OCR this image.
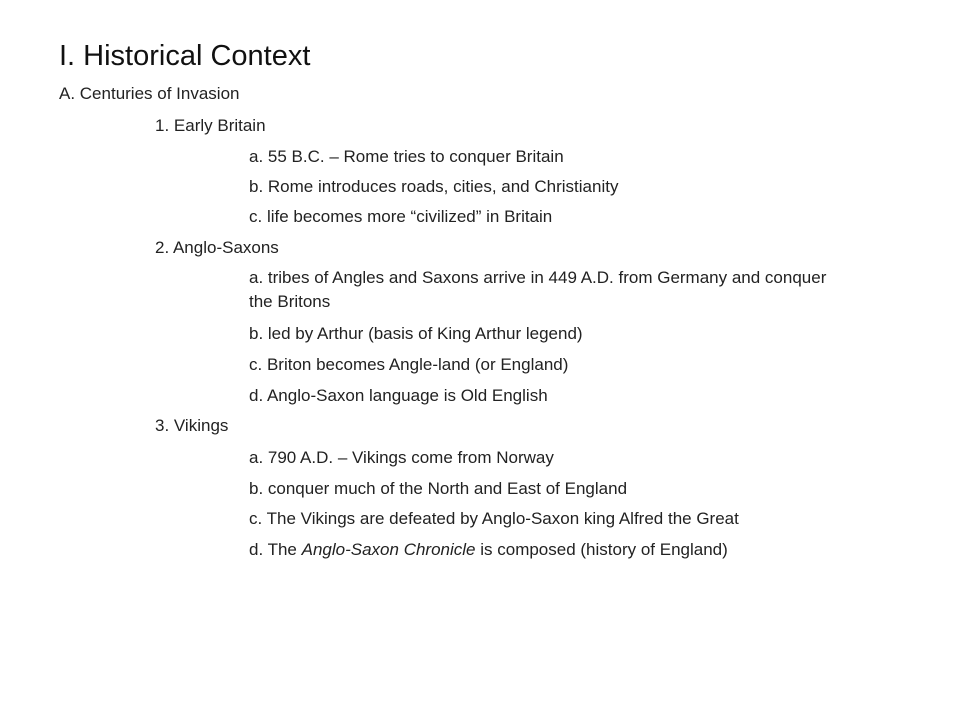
I. Historical Context
A. Centuries of Invasion
1. Early Britain
a. 55 B.C. – Rome tries to conquer Britain
b. Rome introduces roads, cities, and Christianity
c. life becomes more “civilized” in Britain
2. Anglo-Saxons
a. tribes of Angles and Saxons arrive in 449 A.D. from Germany and conquer the Britons
b. led by Arthur (basis of King Arthur legend)
c. Briton becomes Angle-land (or England)
d. Anglo-Saxon language is Old English
3. Vikings
a. 790 A.D. – Vikings come from Norway
b. conquer much of the North and East of England
c. The Vikings are defeated by Anglo-Saxon king Alfred the Great
d. The Anglo-Saxon Chronicle is composed (history of England)
